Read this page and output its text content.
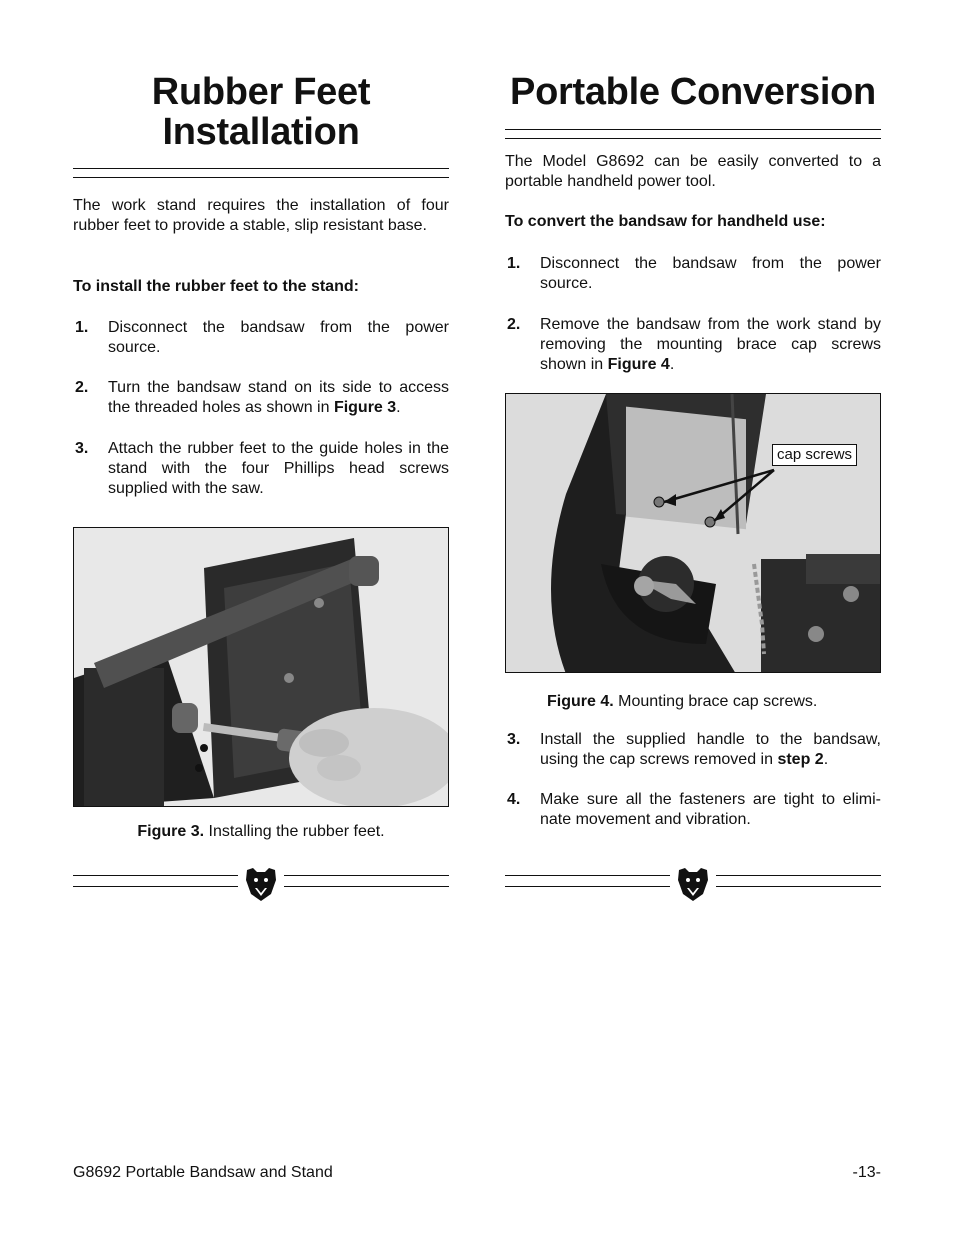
Rubber Feet Installation

The work stand requires the installation of four rubber feet to provide a stable, slip resistant base.

To install the rubber feet to the stand:

1. Disconnect the bandsaw from the power source.
2. Turn the bandsaw stand on its side to access the threaded holes as shown in Figure 3.
3. Attach the rubber feet to the guide holes in the stand with the four Phillips head screws supplied with the saw.
Figure 3. Installing the rubber feet.
Portable Conversion

The Model G8692 can be easily converted to a portable handheld power tool.

To convert the bandsaw for handheld use:

1. Disconnect the bandsaw from the power source.
2. Remove the bandsaw from the work stand by removing the mounting brace cap screws shown in Figure 4.
cap screws
Figure 4. Mounting brace cap screws.
3. Install the supplied handle to the bandsaw, using the cap screws removed in step 2.
4. Make sure all the fasteners are tight to elimi-nate movement and vibration.
G8692 Portable Bandsaw and Stand	-13-
